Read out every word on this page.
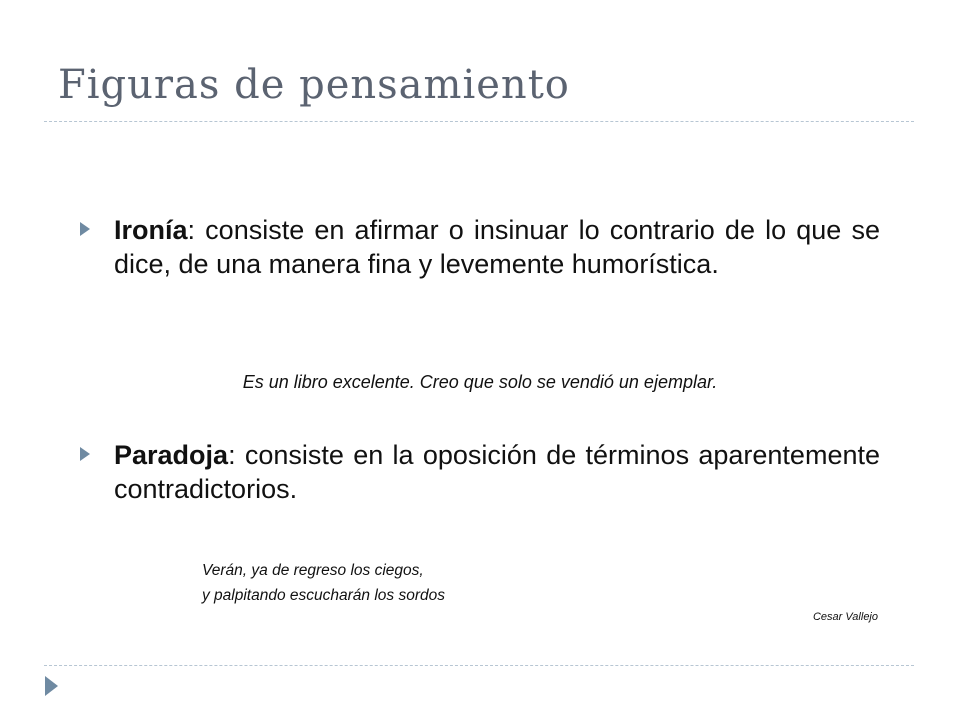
Figuras de pensamiento

Ironía: consiste en afirmar o insinuar lo contrario de lo que se dice, de una manera fina y levemente humorística.

Es un libro excelente. Creo que solo se vendió un ejemplar.

Paradoja: consiste en la oposición de términos aparentemente contradictorios.

Verán, ya de regreso los ciegos,
y palpitando escucharán los sordos
Cesar Vallejo
